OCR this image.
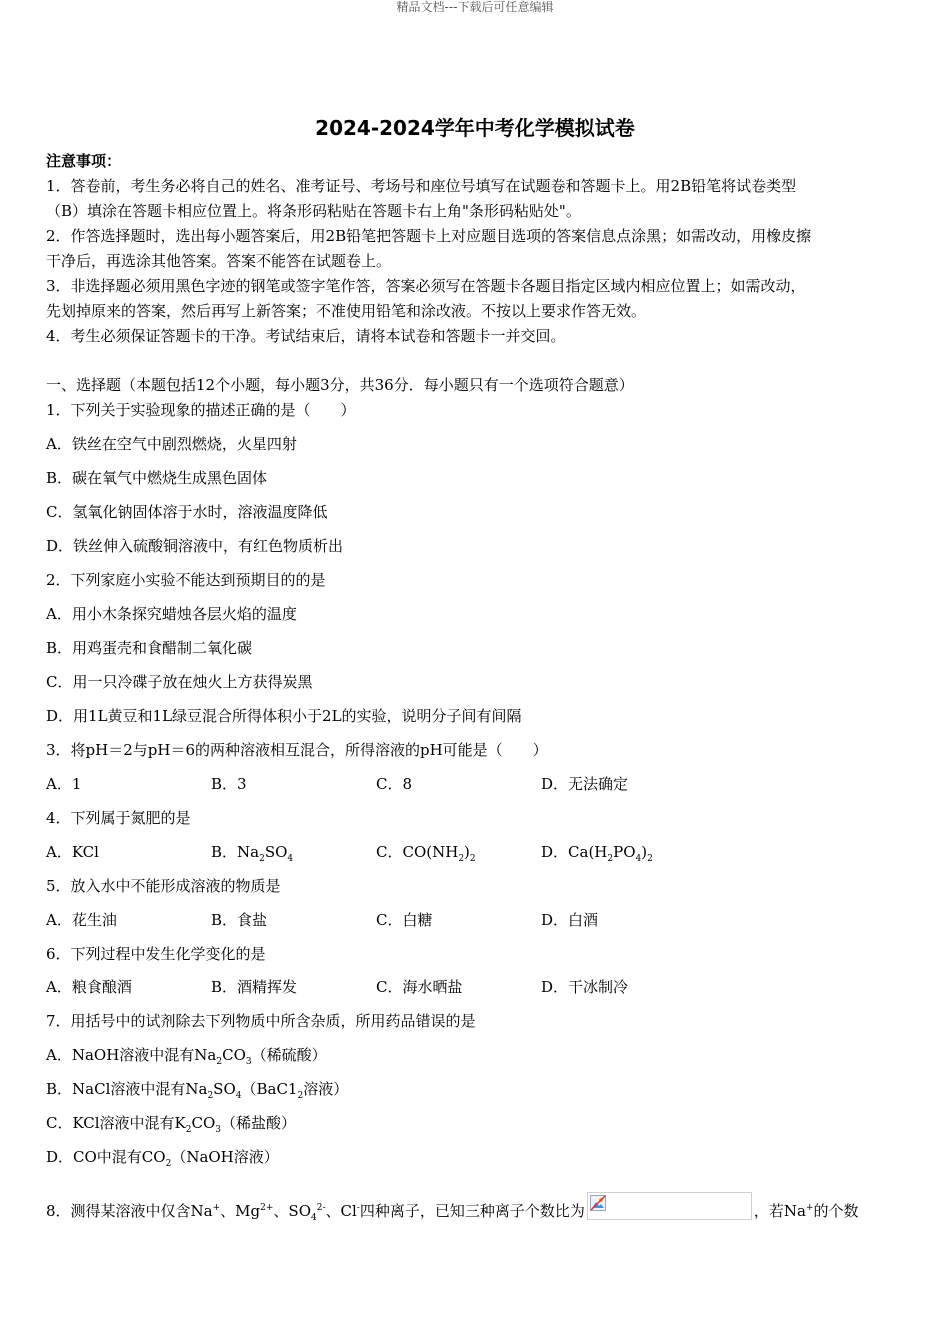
精品文档---下载后可任意编辑
2024-2024学年中考化学模拟试卷
注意事项：
1．答卷前，考生务必将自己的姓名、准考证号、考场号和座位号填写在试题卷和答题卡上。用2B铅笔将试卷类型
（B）填涂在答题卡相应位置上。将条形码粘贴在答题卡右上角"条形码粘贴处"。
2．作答选择题时，选出每小题答案后，用2B铅笔把答题卡上对应题目选项的答案信息点涂黑；如需改动，用橡皮擦
干净后，再选涂其他答案。答案不能答在试题卷上。
3．非选择题必须用黑色字迹的钢笔或签字笔作答，答案必须写在答题卡各题目指定区域内相应位置上；如需改动，
先划掉原来的答案，然后再写上新答案；不准使用铅笔和涂改液。不按以上要求作答无效。
4．考生必须保证答题卡的干净。考试结束后，请将本试卷和答题卡一并交回。
一、选择题（本题包括12个小题，每小题3分，共36分．每小题只有一个选项符合题意）
1．下列关于实验现象的描述正确的是（　　）
A．铁丝在空气中剧烈燃烧，火星四射
B．碳在氧气中燃烧生成黑色固体
C．氢氧化钠固体溶于水时，溶液温度降低
D．铁丝伸入硫酸铜溶液中，有红色物质析出
2．下列家庭小实验不能达到预期目的的是
A．用小木条探究蜡烛各层火焰的温度
B．用鸡蛋壳和食醋制二氧化碳
C．用一只冷碟子放在烛火上方获得炭黑
D．用1L黄豆和1L绿豆混合所得体积小于2L的实验，说明分子间有间隔
3．将pH＝2与pH＝6的两种溶液相互混合，所得溶液的pH可能是（　　）
A．1	B．3	C．8	D．无法确定
4．下列属于氮肥的是
A．KCl	B．$Na_2SO_4$	C．$CO(NH_2)_2$	D．$Ca(H_2PO_4)_2$
5．放入水中不能形成溶液的物质是
A．花生油	B．食盐	C．白糖	D．白酒
6．下列过程中发生化学变化的是
A．粮食酿酒	B．酒精挥发	C．海水晒盐	D．干冰制冷
7．用括号中的试剂除去下列物质中所含杂质，所用药品错误的是
A．NaOH溶液中混有$Na_2CO_3$（稀硫酸）
B．NaCl溶液中混有$Na_2SO_4(BaC1_2$溶液）
C．KCl溶液中混有$K_2CO_3$（稀盐酸）
D．CO中混有$CO_2(NaOH$溶液）
8．测得某溶液中仅含Na+、$Mg^{2+}$、$SO_4^{2-}$、Cl-四种离子，已知三种离子个数比为	，若Na+的个数
